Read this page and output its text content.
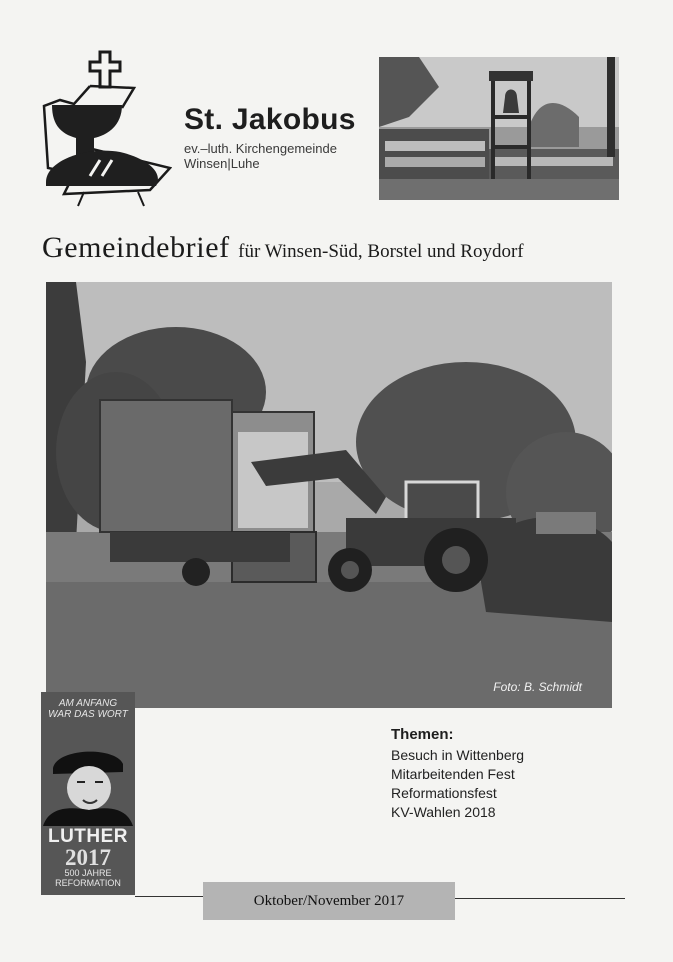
St. Jakobus
ev.–luth. Kirchengemeinde
Winsen|Luhe
Gemeindebrief für Winsen-Süd, Borstel und Roydorf
Foto: B. Schmidt
AM ANFANG
WAR DAS WORT
LUTHER
2017
500 JAHRE
REFORMATION
Themen:
Besuch in Wittenberg
Mitarbeitenden Fest
Reformationsfest
KV-Wahlen 2018
Oktober/November 2017
